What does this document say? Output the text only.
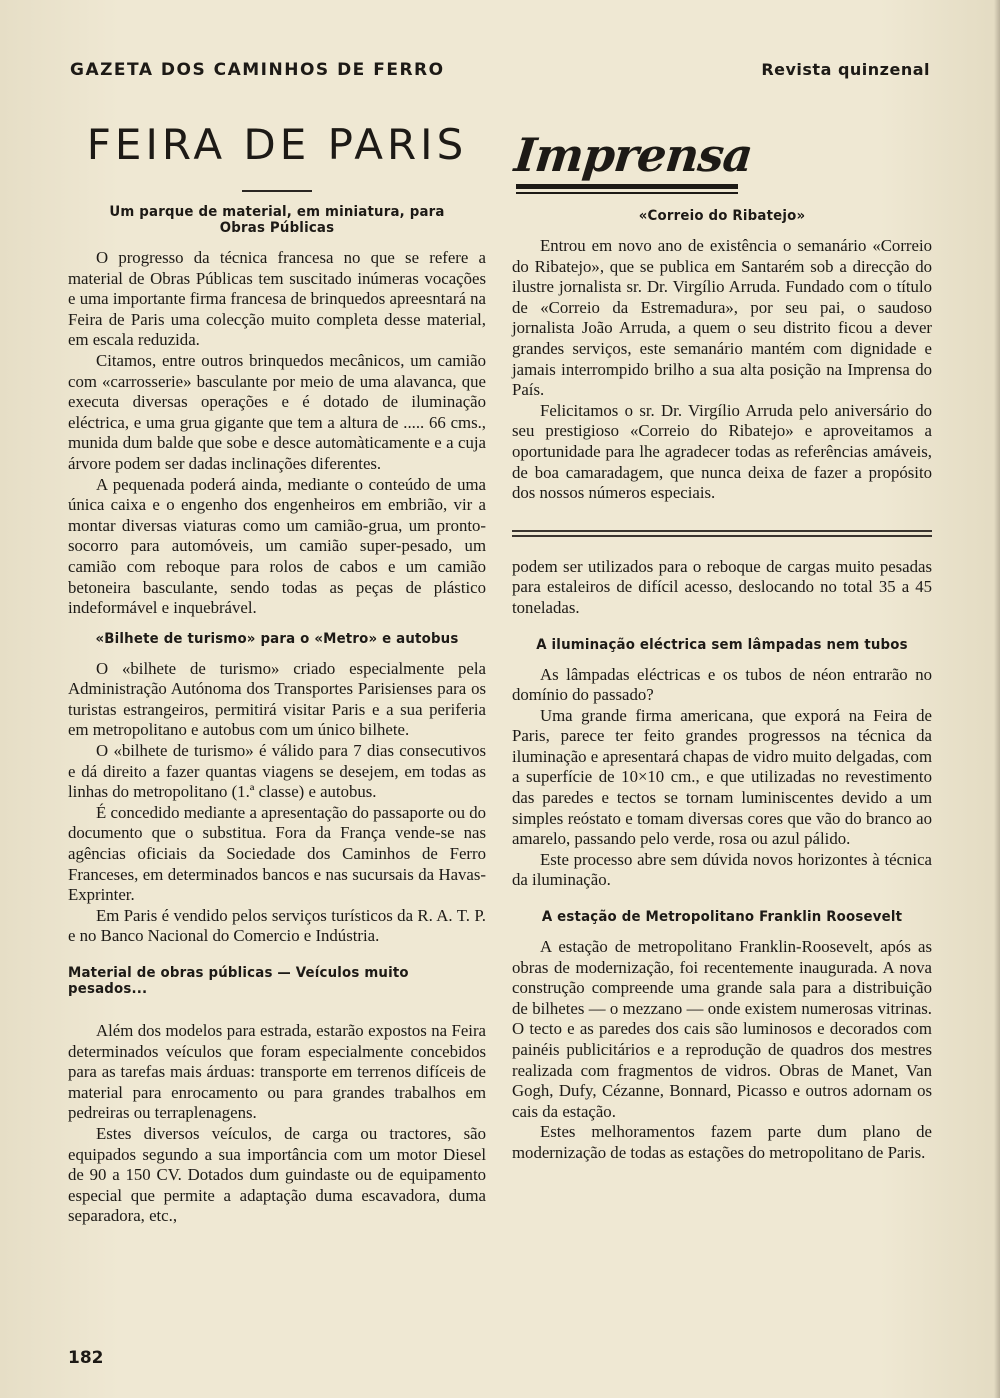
GAZETA DOS CAMINHOS DE FERRO	Revista quinzenal
FEIRA DE PARIS
Um parque de material, em miniatura, para Obras Públicas

O progresso da técnica francesa no que se refere a material de Obras Públicas tem suscitado inúmeras vocações e uma importante firma francesa de brinquedos apreesntará na Feira de Paris uma colecção muito completa desse material, em escala reduzida.

Citamos, entre outros brinquedos mecânicos, um camião com «carrosserie» basculante por meio de uma alavanca, que executa diversas operações e é dotado de iluminação eléctrica, e uma grua gigante que tem a altura de ..... 66 cms., munida dum balde que sobe e desce automàticamente e a cuja árvore podem ser dadas inclinações diferentes.

A pequenada poderá ainda, mediante o conteúdo de uma única caixa e o engenho dos engenheiros em embrião, vir a montar diversas viaturas como um camião-grua, um pronto-socorro para automóveis, um camião super-pesado, um camião com reboque para rolos de cabos e um camião betoneira basculante, sendo todas as peças de plástico indeformável e inquebrável.

«Bilhete de turismo» para o «Metro» e autobus

O «bilhete de turismo» criado especialmente pela Administração Autónoma dos Transportes Parisienses para os turistas estrangeiros, permitirá visitar Paris e a sua periferia em metropolitano e autobus com um único bilhete.

O «bilhete de turismo» é válido para 7 dias consecutivos e dá direito a fazer quantas viagens se desejem, em todas as linhas do metropolitano (1.ª classe) e autobus.

É concedido mediante a apresentação do passaporte ou do documento que o substitua. Fora da França vende-se nas agências oficiais da Sociedade dos Caminhos de Ferro Franceses, em determinados bancos e nas sucursais da Havas-Exprinter.

Em Paris é vendido pelos serviços turísticos da R. A. T. P. e no Banco Nacional do Comercio e Indústria.

Material de obras públicas — Veículos muito pesados...

Além dos modelos para estrada, estarão expostos na Feira determinados veículos que foram especialmente concebidos para as tarefas mais árduas: transporte em terrenos difíceis de material para enrocamento ou para grandes trabalhos em pedreiras ou terraplenagens.

Estes diversos veículos, de carga ou tractores, são equipados segundo a sua importância com um motor Diesel de 90 a 150 CV. Dotados dum guindaste ou de equipamento especial que permite a adaptação duma escavadora, duma separadora, etc.,

Imprensa
«Correio do Ribatejo»

Entrou em novo ano de existência o semanário «Correio do Ribatejo», que se publica em Santarém sob a direcção do ilustre jornalista sr. Dr. Virgílio Arruda. Fundado com o título de «Correio da Estremadura», por seu pai, o saudoso jornalista João Arruda, a quem o seu distrito ficou a dever grandes serviços, este semanário mantém com dignidade e jamais interrompido brilho a sua alta posição na Imprensa do País.

Felicitamos o sr. Dr. Virgílio Arruda pelo aniversário do seu prestigioso «Correio do Ribatejo» e aproveitamos a oportunidade para lhe agradecer todas as referências amáveis, de boa camaradagem, que nunca deixa de fazer a propósito dos nossos números especiais.

podem ser utilizados para o reboque de cargas muito pesadas para estaleiros de difícil acesso, deslocando no total 35 a 45 toneladas.

A iluminação eléctrica sem lâmpadas nem tubos

As lâmpadas eléctricas e os tubos de néon entrarão no domínio do passado?

Uma grande firma americana, que exporá na Feira de Paris, parece ter feito grandes progressos na técnica da iluminação e apresentará chapas de vidro muito delgadas, com a superfície de 10×10 cm., e que utilizadas no revestimento das paredes e tectos se tornam luminiscentes devido a um simples reóstato e tomam diversas cores que vão do branco ao amarelo, passando pelo verde, rosa ou azul pálido.

Este processo abre sem dúvida novos horizontes à técnica da iluminação.

A estação de Metropolitano Franklin Roosevelt

A estação de metropolitano Franklin-Roosevelt, após as obras de modernização, foi recentemente inaugurada. A nova construção compreende uma grande sala para a distribuição de bilhetes — o mezzano — onde existem numerosas vitrinas. O tecto e as paredes dos cais são luminosos e decorados com painéis publicitários e a reprodução de quadros dos mestres realizada com fragmentos de vidros. Obras de Manet, Van Gogh, Dufy, Cézanne, Bonnard, Picasso e outros adornam os cais da estação.

Estes melhoramentos fazem parte dum plano de modernização de todas as estações do metropolitano de Paris.

182
